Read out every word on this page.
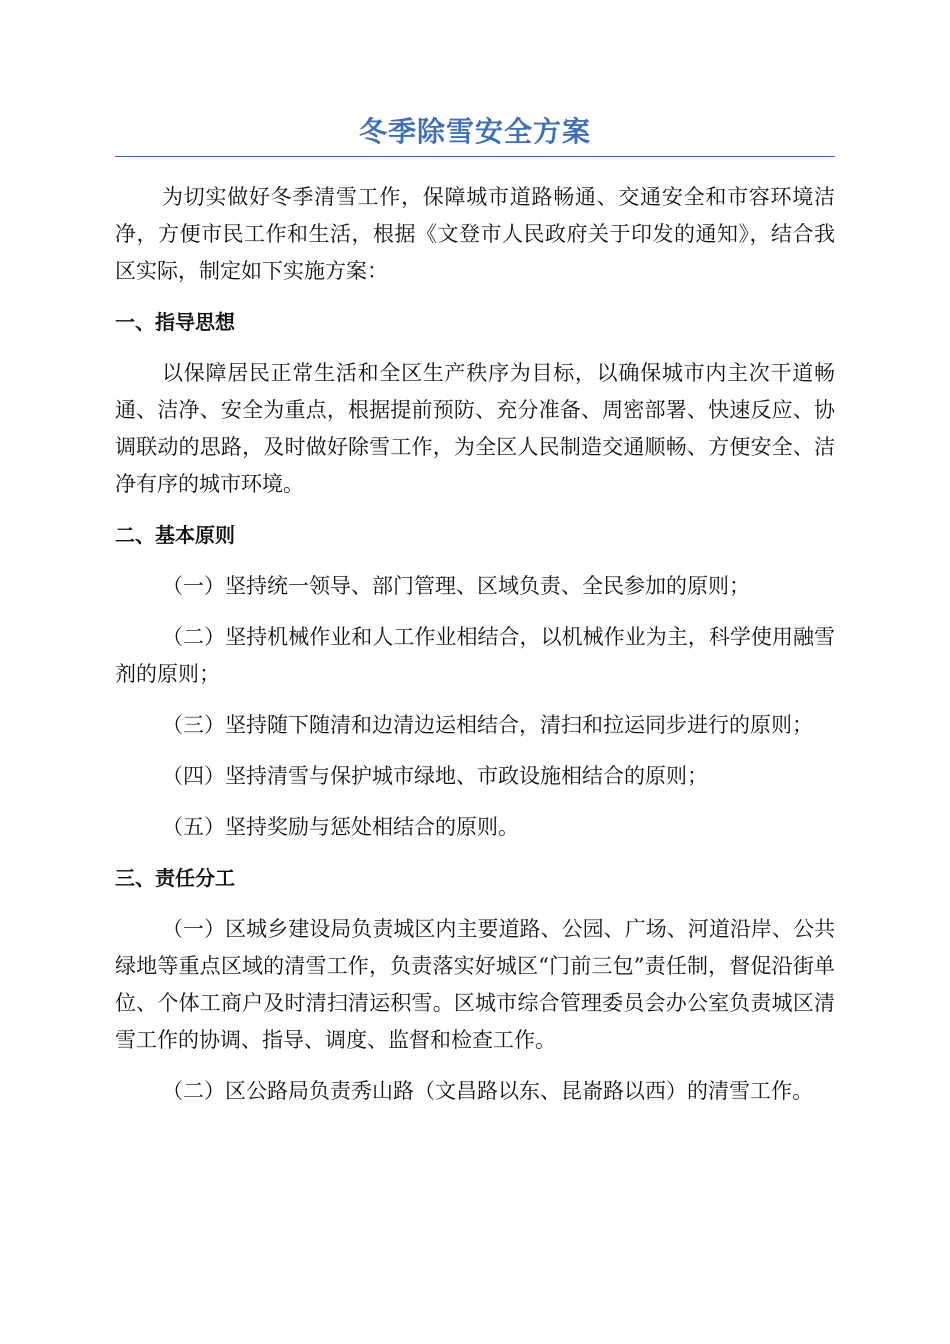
冬季除雪安全方案

为切实做好冬季清雪工作，保障城市道路畅通、交通安全和市容环境洁净，方便市民工作和生活，根据《文登市人民政府关于印发的通知》，结合我区实际，制定如下实施方案：

一、指导思想

以保障居民正常生活和全区生产秩序为目标，以确保城市内主次干道畅通、洁净、安全为重点，根据提前预防、充分准备、周密部署、快速反应、协调联动的思路，及时做好除雪工作，为全区人民制造交通顺畅、方便安全、洁净有序的城市环境。

二、基本原则

（一）坚持统一领导、部门管理、区域负责、全民参加的原则；

（二）坚持机械作业和人工作业相结合，以机械作业为主，科学使用融雪剂的原则；

（三）坚持随下随清和边清边运相结合，清扫和拉运同步进行的原则；

（四）坚持清雪与保护城市绿地、市政设施相结合的原则；

（五）坚持奖励与惩处相结合的原则。

三、责任分工

（一）区城乡建设局负责城区内主要道路、公园、广场、河道沿岸、公共绿地等重点区域的清雪工作，负责落实好城区“门前三包”责任制，督促沿街单位、个体工商户及时清扫清运积雪。区城市综合管理委员会办公室负责城区清雪工作的协调、指导、调度、监督和检查工作。

（二）区公路局负责秀山路（文昌路以东、昆嵛路以西）的清雪工作。
